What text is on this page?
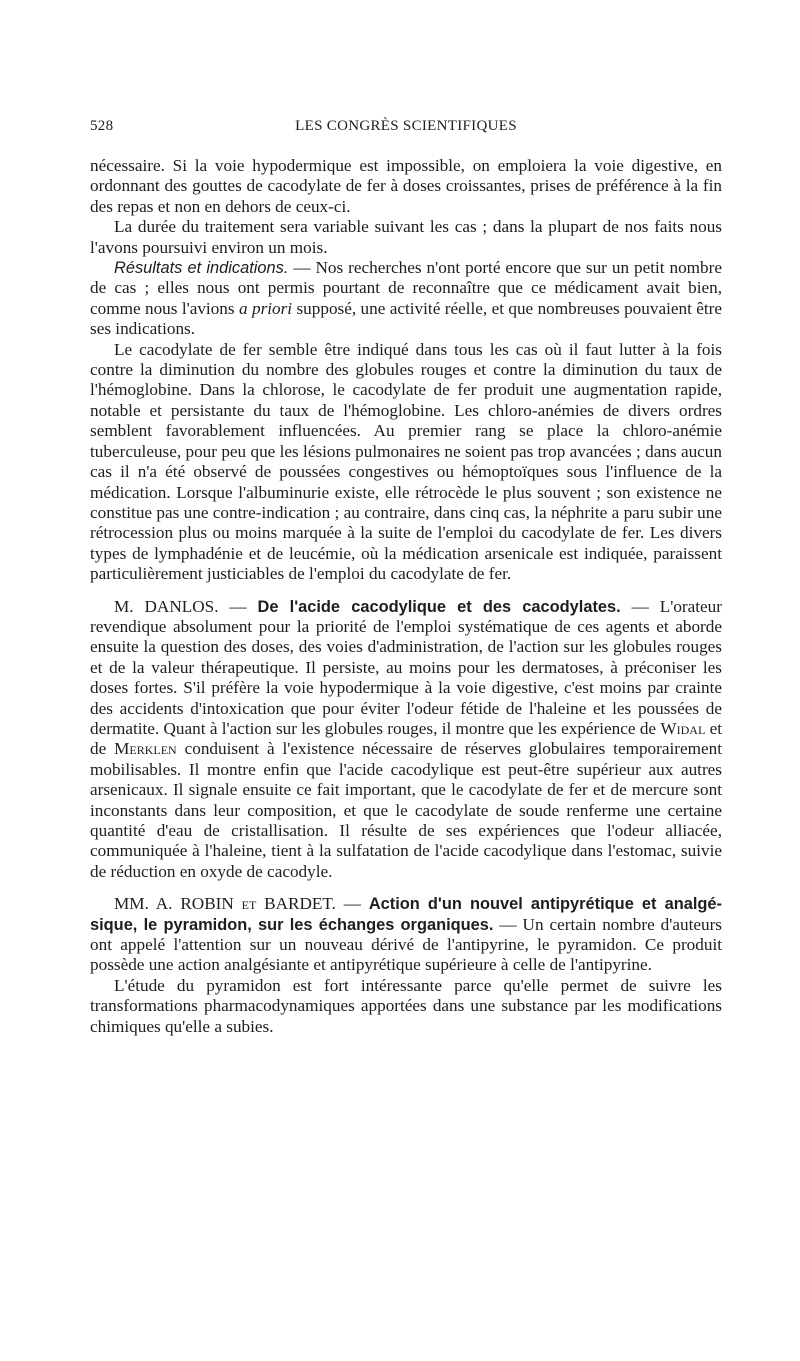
528	LES CONGRÈS SCIENTIFIQUES

nécessaire. Si la voie hypodermique est impossible, on emploiera la voie digestive, en ordonnant des gouttes de cacodylate de fer à doses croissantes, prises de préférence à la fin des repas et non en dehors de ceux-ci.

La durée du traitement sera variable suivant les cas ; dans la plupart de nos faits nous l'avons poursuivi environ un mois.

Résultats et indications. — Nos recherches n'ont porté encore que sur un petit nombre de cas ; elles nous ont permis pourtant de reconnaître que ce médicament avait bien, comme nous l'avions a priori supposé, une activité réelle, et que nombreuses pouvaient être ses indications.

Le cacodylate de fer semble être indiqué dans tous les cas où il faut lutter à la fois contre la diminution du nombre des globules rouges et contre la diminution du taux de l'hémoglobine. Dans la chlorose, le cacodylate de fer produit une augmentation rapide, notable et persistante du taux de l'hémoglobine. Les chloro-anémies de divers ordres semblent favorablement influencées. Au premier rang se place la chloro-anémie tuberculeuse, pour peu que les lésions pulmonaires ne soient pas trop avancées ; dans aucun cas il n'a été observé de poussées congestives ou hémoptoïques sous l'influence de la médication. Lorsque l'albuminurie existe, elle rétrocède le plus souvent ; son existence ne constitue pas une contre-indication ; au contraire, dans cinq cas, la néphrite a paru subir une rétrocession plus ou moins marquée à la suite de l'emploi du cacodylate de fer. Les divers types de lymphadénie et de leucémie, où la médication arsenicale est indiquée, paraissent particulièrement justiciables de l'emploi du cacodylate de fer.

M. DANLOS. — De l'acide cacodylique et des cacodylates. — L'orateur revendique absolument pour la priorité de l'emploi systématique de ces agents et aborde ensuite la question des doses, des voies d'administration, de l'action sur les globules rouges et de la valeur thérapeutique. Il persiste, au moins pour les dermatoses, à préconiser les doses fortes. S'il préfère la voie hypodermique à la voie digestive, c'est moins par crainte des accidents d'intoxication que pour éviter l'odeur fétide de l'haleine et les poussées de dermatite. Quant à l'action sur les globules rouges, il montre que les expérience de Widal et de Merklen conduisent à l'existence nécessaire de réserves globulaires temporairement mobilisables. Il montre enfin que l'acide cacodylique est peut-être supérieur aux autres arsenicaux. Il signale ensuite ce fait important, que le cacodylate de fer et de mercure sont inconstants dans leur composition, et que le cacodylate de soude renferme une certaine quantité d'eau de cristallisation. Il résulte de ses expériences que l'odeur alliacée, communiquée à l'haleine, tient à la sulfatation de l'acide cacodylique dans l'estomac, suivie de réduction en oxyde de cacodyle.

MM. A. ROBIN et BARDET. — Action d'un nouvel antipyrétique et analgésique, le pyramidon, sur les échanges organiques. — Un certain nombre d'auteurs ont appelé l'attention sur un nouveau dérivé de l'antipyrine, le pyramidon. Ce produit possède une action analgésiante et antipyrétique supérieure à celle de l'antipyrine.

L'étude du pyramidon est fort intéressante parce qu'elle permet de suivre les transformations pharmacodynamiques apportées dans une substance par les modifications chimiques qu'elle a subies.
